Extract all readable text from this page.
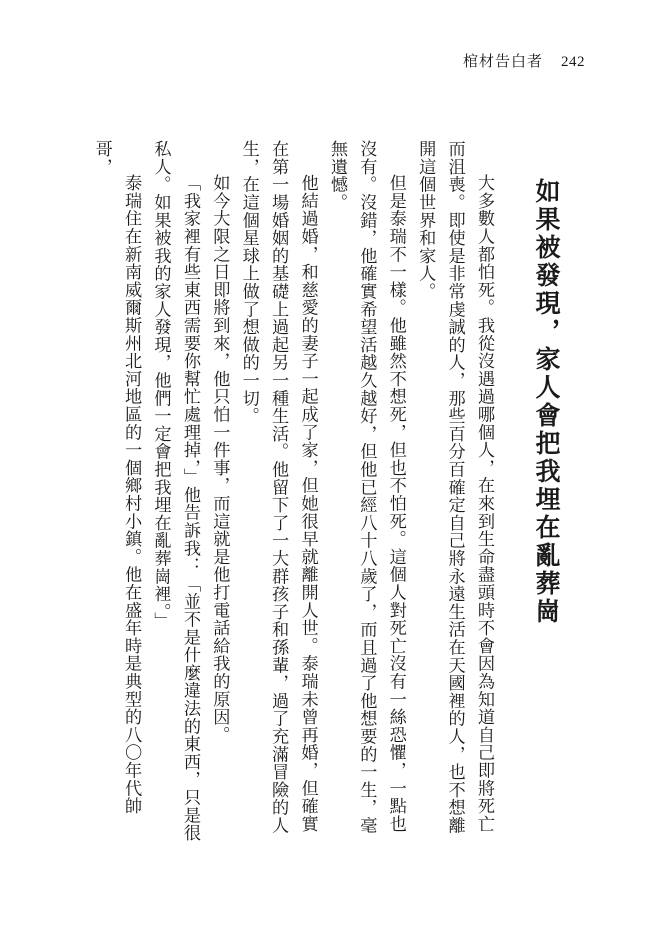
棺材告白者 242
如果被發現，家人會把我埋在亂葬崗

大多數人都怕死。我從沒遇過哪個人，在來到生命盡頭時不會因為知道自己即將死亡而沮喪。即使是非常虔誠的人，那些百分百確定自己將永遠生活在天國裡的人，也不想離開這個世界和家人。

但是泰瑞不一樣。他雖然不想死，但也不怕死。這個人對死亡沒有一絲恐懼，一點也沒有。沒錯，他確實希望活越久越好，但他已經八十八歲了，而且過了他想要的一生，毫無遺憾。

他結過婚，和慈愛的妻子一起成了家，但她很早就離開人世。泰瑞未曾再婚，但確實在第一場婚姻的基礎上過起另一種生活。他留下了一大群孩子和孫輩，過了充滿冒險的人生，在這個星球上做了想做的一切。

如今大限之日即將到來，他只怕一件事，而這就是他打電話給我的原因。

「我家裡有些東西需要你幫忙處理掉，」他告訴我：「並不是什麼違法的東西，只是很私人。如果被我的家人發現，他們一定會把我埋在亂葬崗裡。」

泰瑞住在新南威爾斯州北河地區的一個鄉村小鎮。他在盛年時是典型的八〇年代帥哥，
